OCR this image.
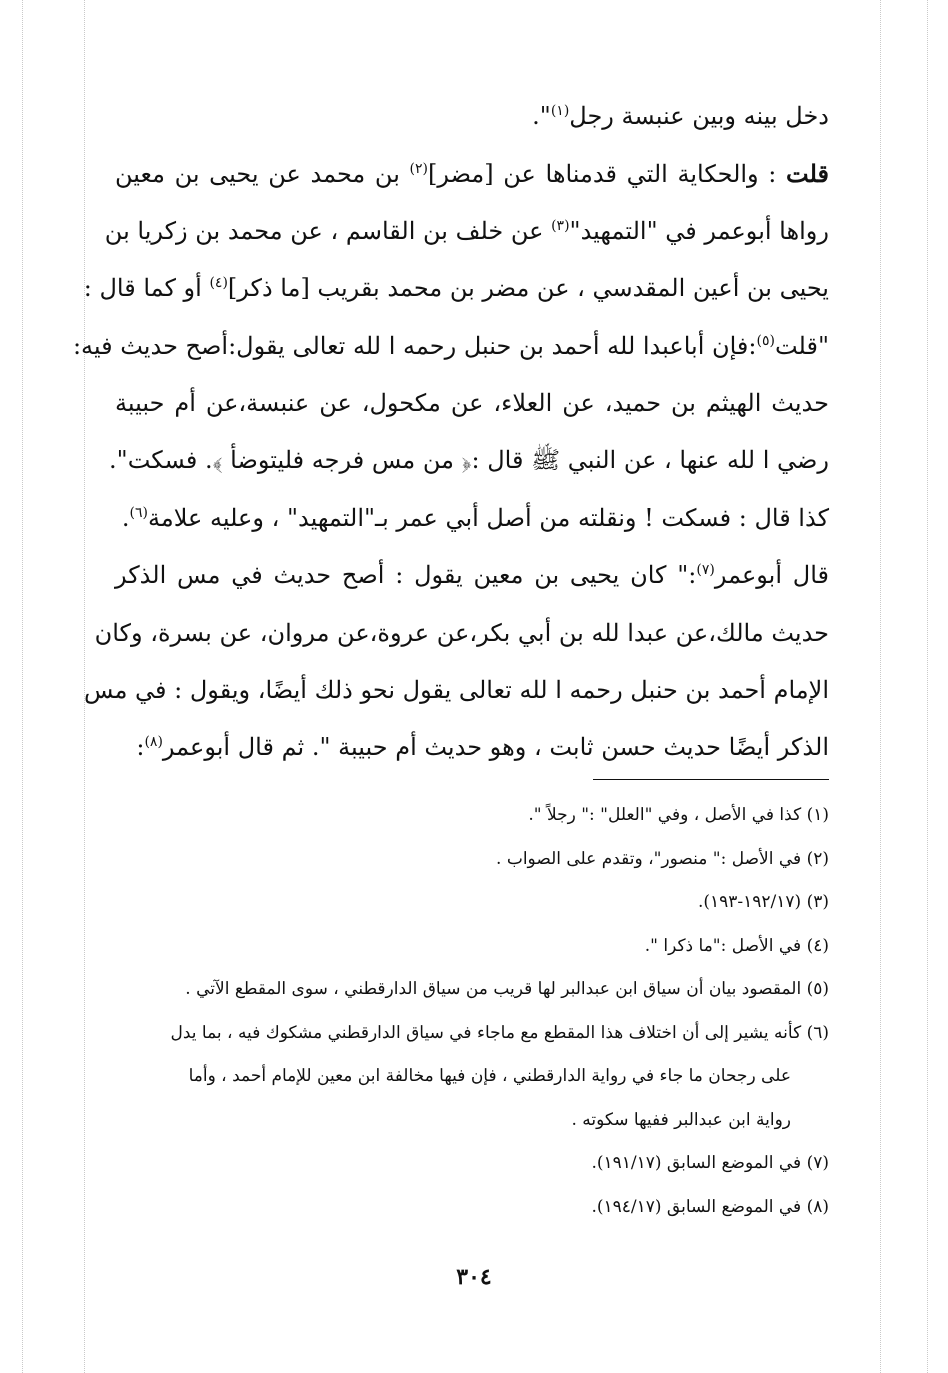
دخل بينه وبين عنبسة رجل$^{(١)}$".
قلت : والحكاية التي قدمناها عن [مضر]$^{(٢)}$ بن محمد عن يحيى بن معين
رواها أبوعمر في "التمهيد"$^{(٣)}$ عن خلف بن القاسم ، عن محمد بن زكريا بن
يحيى بن أعين المقدسي ، عن مضر بن محمد بقريب [ما ذكر]$^{(٤)}$ أو كما قال :
"قلت$^{(٥)}$:فإن أباعبدا لله أحمد بن حنبل رحمه ا لله تعالى يقول:أصح حديث فيه:
حديث الهيثم بن حميد، عن العلاء، عن مكحول، عن عنبسة،عن أم حبيبة
رضي ا لله عنها ، عن النبي ﷺ قال :﴿ من مس فرجه فليتوضأ ﴾. فسكت".
كذا قال : فسكت ! ونقلته من أصل أبي عمر بـ"التمهيد" ، وعليه علامة$^{(٦)}$.
قال أبوعمر$^{(٧)}$:" كان يحيى بن معين يقول : أصح حديث في مس الذكر
حديث مالك،عن عبدا لله بن أبي بكر،عن عروة،عن مروان، عن بسرة، وكان
الإمام أحمد بن حنبل رحمه ا لله تعالى يقول نحو ذلك أيضًا، ويقول : في مس
الذكر أيضًا حديث حسن ثابت ، وهو حديث أم حبيبة ". ثم قال أبوعمر$^{(٨)}$:
(١) كذا في الأصل ، وفي "العلل" :" رجلاً ".
(٢) في الأصل :" منصور"، وتقدم على الصواب .
(٣) (١٩٢/١٧-١٩٣).
(٤) في الأصل :"ما ذكرا ".
(٥) المقصود بيان أن سياق ابن عبدالبر لها قريب من سياق الدارقطني ، سوى المقطع الآتي .
(٦) كأنه يشير إلى أن اختلاف هذا المقطع مع ماجاء في سياق الدارقطني مشكوك فيه ، بما يدل
على رجحان ما جاء في رواية الدارقطني ، فإن فيها مخالفة ابن معين للإمام أحمد ، وأما
رواية ابن عبدالبر ففيها سكوته .
(٧) في الموضع السابق (١٩١/١٧).
(٨) في الموضع السابق (١٩٤/١٧).
٣٠٤
